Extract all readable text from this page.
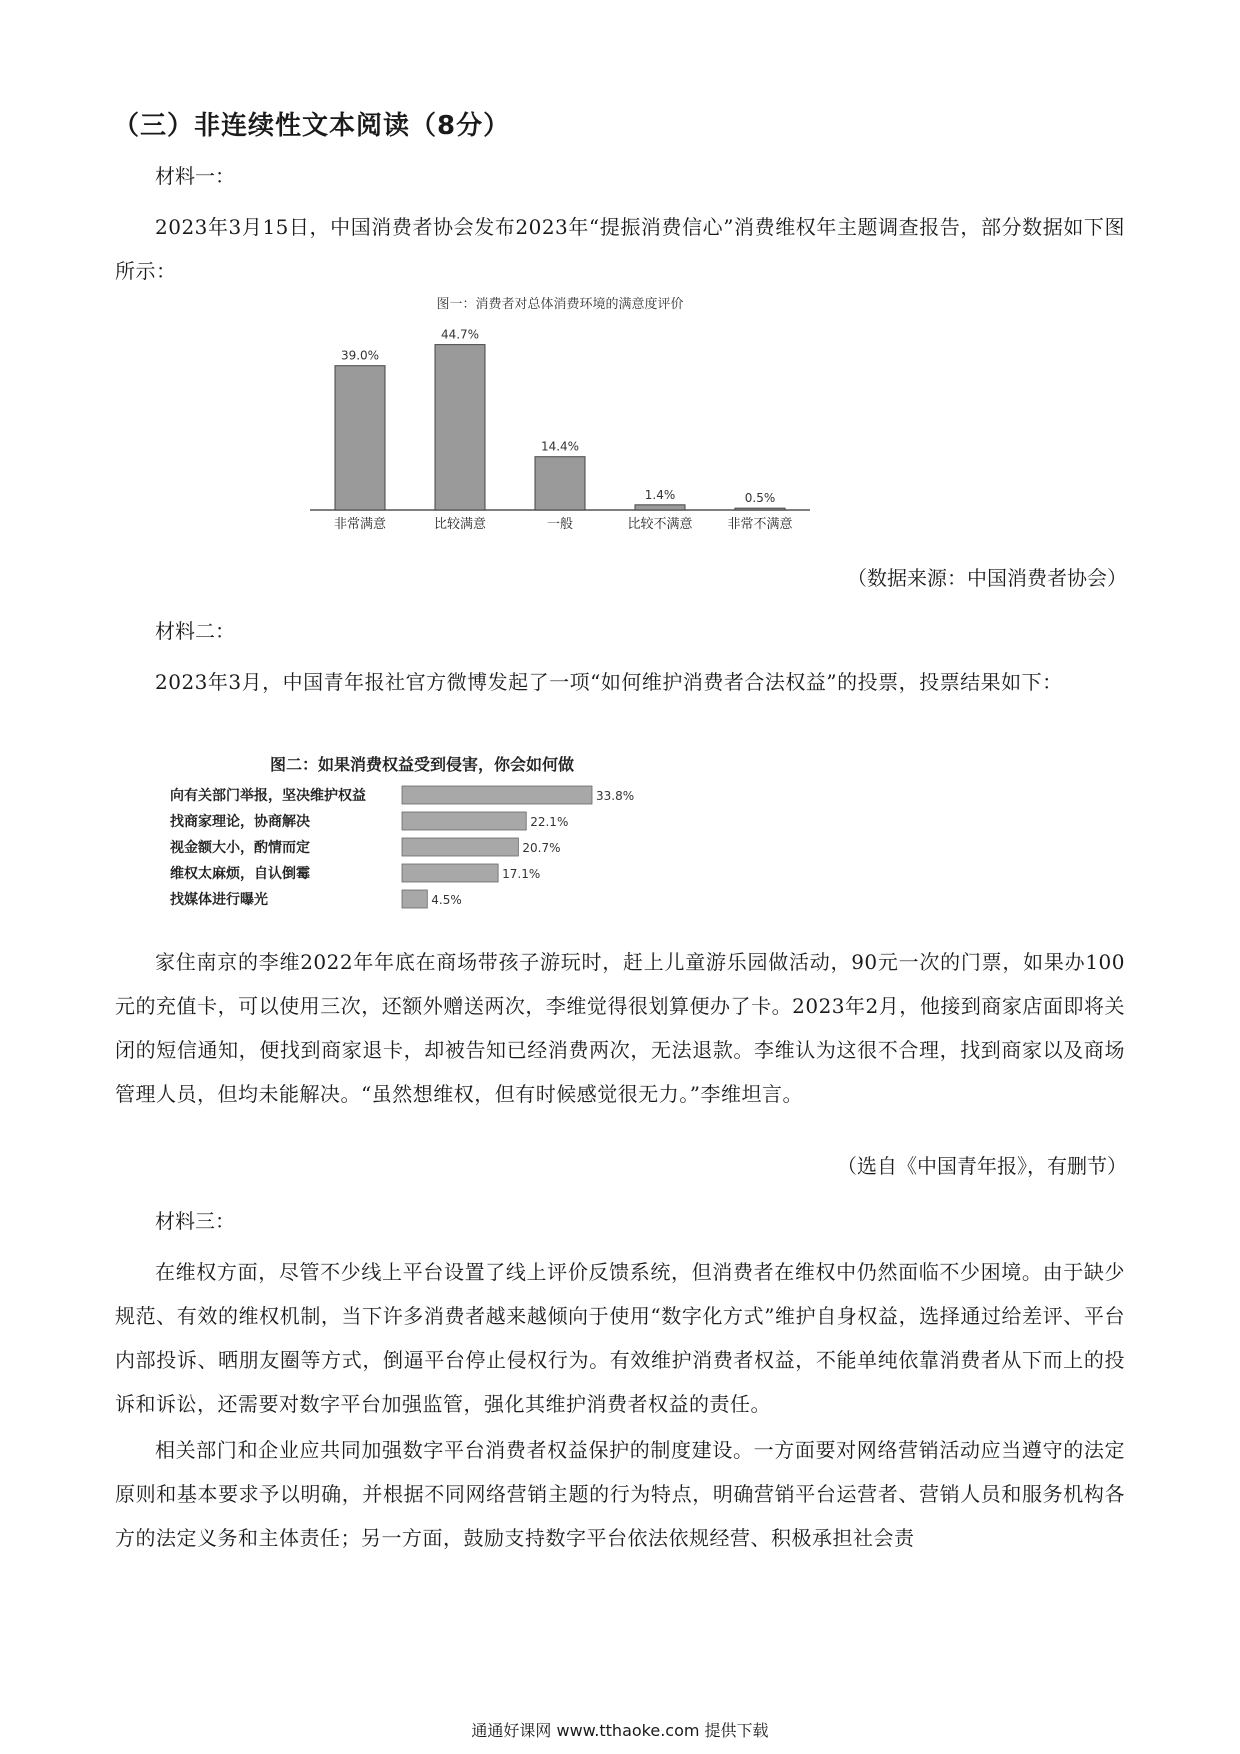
（三）非连续性文本阅读（8分）
材料一：

2023年3月15日，中国消费者协会发布2023年“提振消费信心”消费维权年主题调查报告，部分数据如下图所示：

图一：消费者对总体消费环境的满意度评价
39.0%
非常满意
44.7%
比较满意
14.4%
一般
1.4%
比较不满意
0.5%
非常不满意
（数据来源：中国消费者协会）
材料二：

2023年3月，中国青年报社官方微博发起了一项“如何维护消费者合法权益”的投票，投票结果如下：

图二：如果消费权益受到侵害，你会如何做
向有关部门举报，坚决维护权益	33.8%
找商家理论，协商解决	22.1%
视金额大小，酌情而定	20.7%
维权太麻烦，自认倒霉	17.1%
找媒体进行曝光	4.5%

家住南京的李维2022年年底在商场带孩子游玩时，赶上儿童游乐园做活动，90元一次的门票，如果办100元的充值卡，可以使用三次，还额外赠送两次，李维觉得很划算便办了卡。2023年2月，他接到商家店面即将关闭的短信通知，便找到商家退卡，却被告知已经消费两次，无法退款。李维认为这很不合理，找到商家以及商场管理人员，但均未能解决。“虽然想维权，但有时候感觉很无力。”李维坦言。

（选自《中国青年报》，有删节）
材料三：

在维权方面，尽管不少线上平台设置了线上评价反馈系统，但消费者在维权中仍然面临不少困境。由于缺少规范、有效的维权机制，当下许多消费者越来越倾向于使用“数字化方式”维护自身权益，选择通过给差评、平台内部投诉、晒朋友圈等方式，倒逼平台停止侵权行为。有效维护消费者权益，不能单纯依靠消费者从下而上的投诉和诉讼，还需要对数字平台加强监管，强化其维护消费者权益的责任。

相关部门和企业应共同加强数字平台消费者权益保护的制度建设。一方面要对网络营销活动应当遵守的法定原则和基本要求予以明确，并根据不同网络营销主题的行为特点，明确营销平台运营者、营销人员和服务机构各方的法定义务和主体责任；另一方面，鼓励支持数字平台依法依规经营、积极承担社会责

通通好课网 www.tthaoke.com 提供下载
